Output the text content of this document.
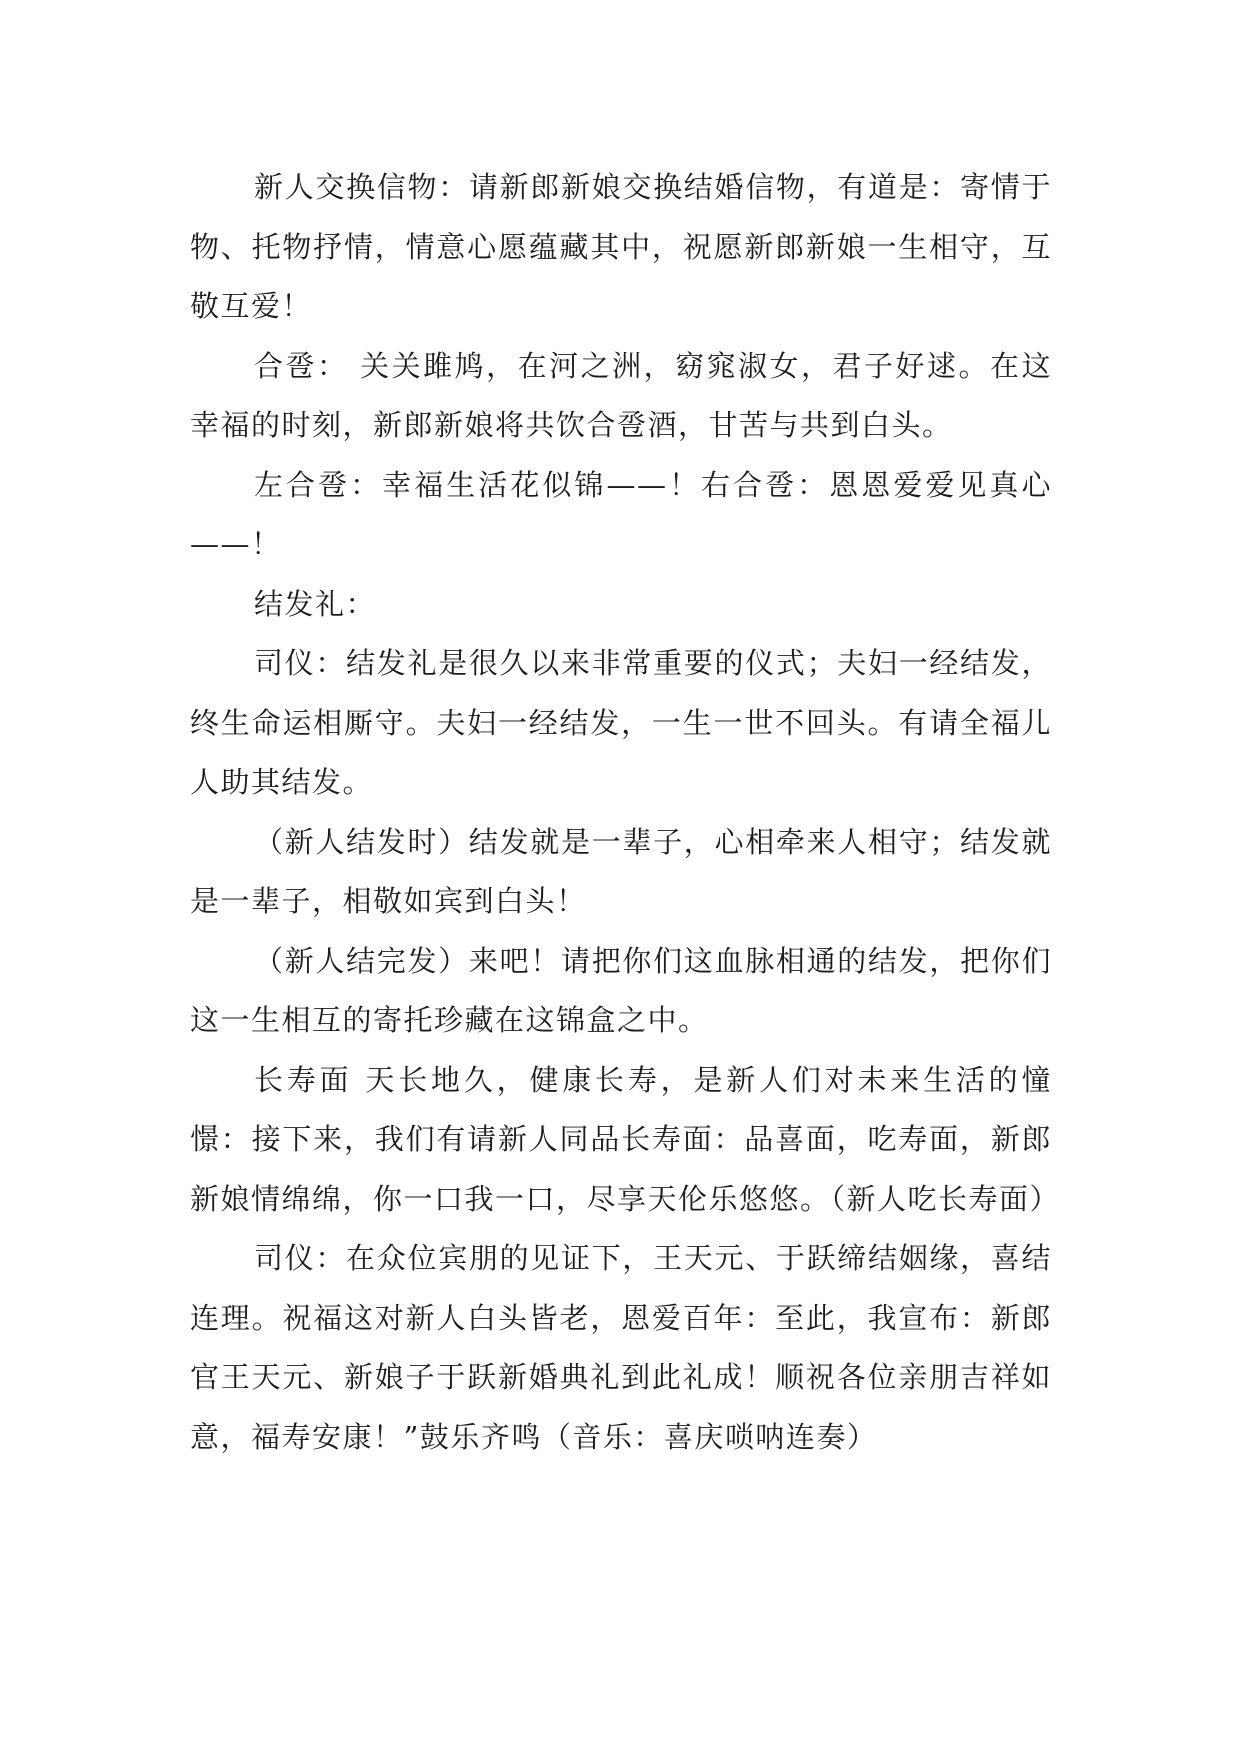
新人交换信物：请新郎新娘交换结婚信物，有道是：寄情于物、托物抒情，情意心愿蕴藏其中，祝愿新郎新娘一生相守，互敬互爱！

合卺： 关关雎鸠，在河之洲，窈窕淑女，君子好逑。在这幸福的时刻，新郎新娘将共饮合卺酒，甘苦与共到白头。

左合卺：幸福生活花似锦——！右合卺：恩恩爱爱见真心——！

结发礼：

司仪：结发礼是很久以来非常重要的仪式；夫妇一经结发，终生命运相厮守。夫妇一经结发，一生一世不回头。有请全福儿人助其结发。

（新人结发时）结发就是一辈子，心相牵来人相守；结发就是一辈子，相敬如宾到白头！

（新人结完发）来吧！请把你们这血脉相通的结发，把你们这一生相互的寄托珍藏在这锦盒之中。

长寿面 天长地久，健康长寿，是新人们对未来生活的憧憬：接下来，我们有请新人同品长寿面：品喜面，吃寿面，新郎新娘情绵绵，你一口我一口，尽享天伦乐悠悠。（新人吃长寿面）

司仪：在众位宾朋的见证下，王天元、于跃缔结姻缘，喜结连理。祝福这对新人白头皆老，恩爱百年：至此，我宣布：新郎官王天元、新娘子于跃新婚典礼到此礼成！顺祝各位亲朋吉祥如意，福寿安康！”鼓乐齐鸣（音乐：喜庆唢呐连奏）
